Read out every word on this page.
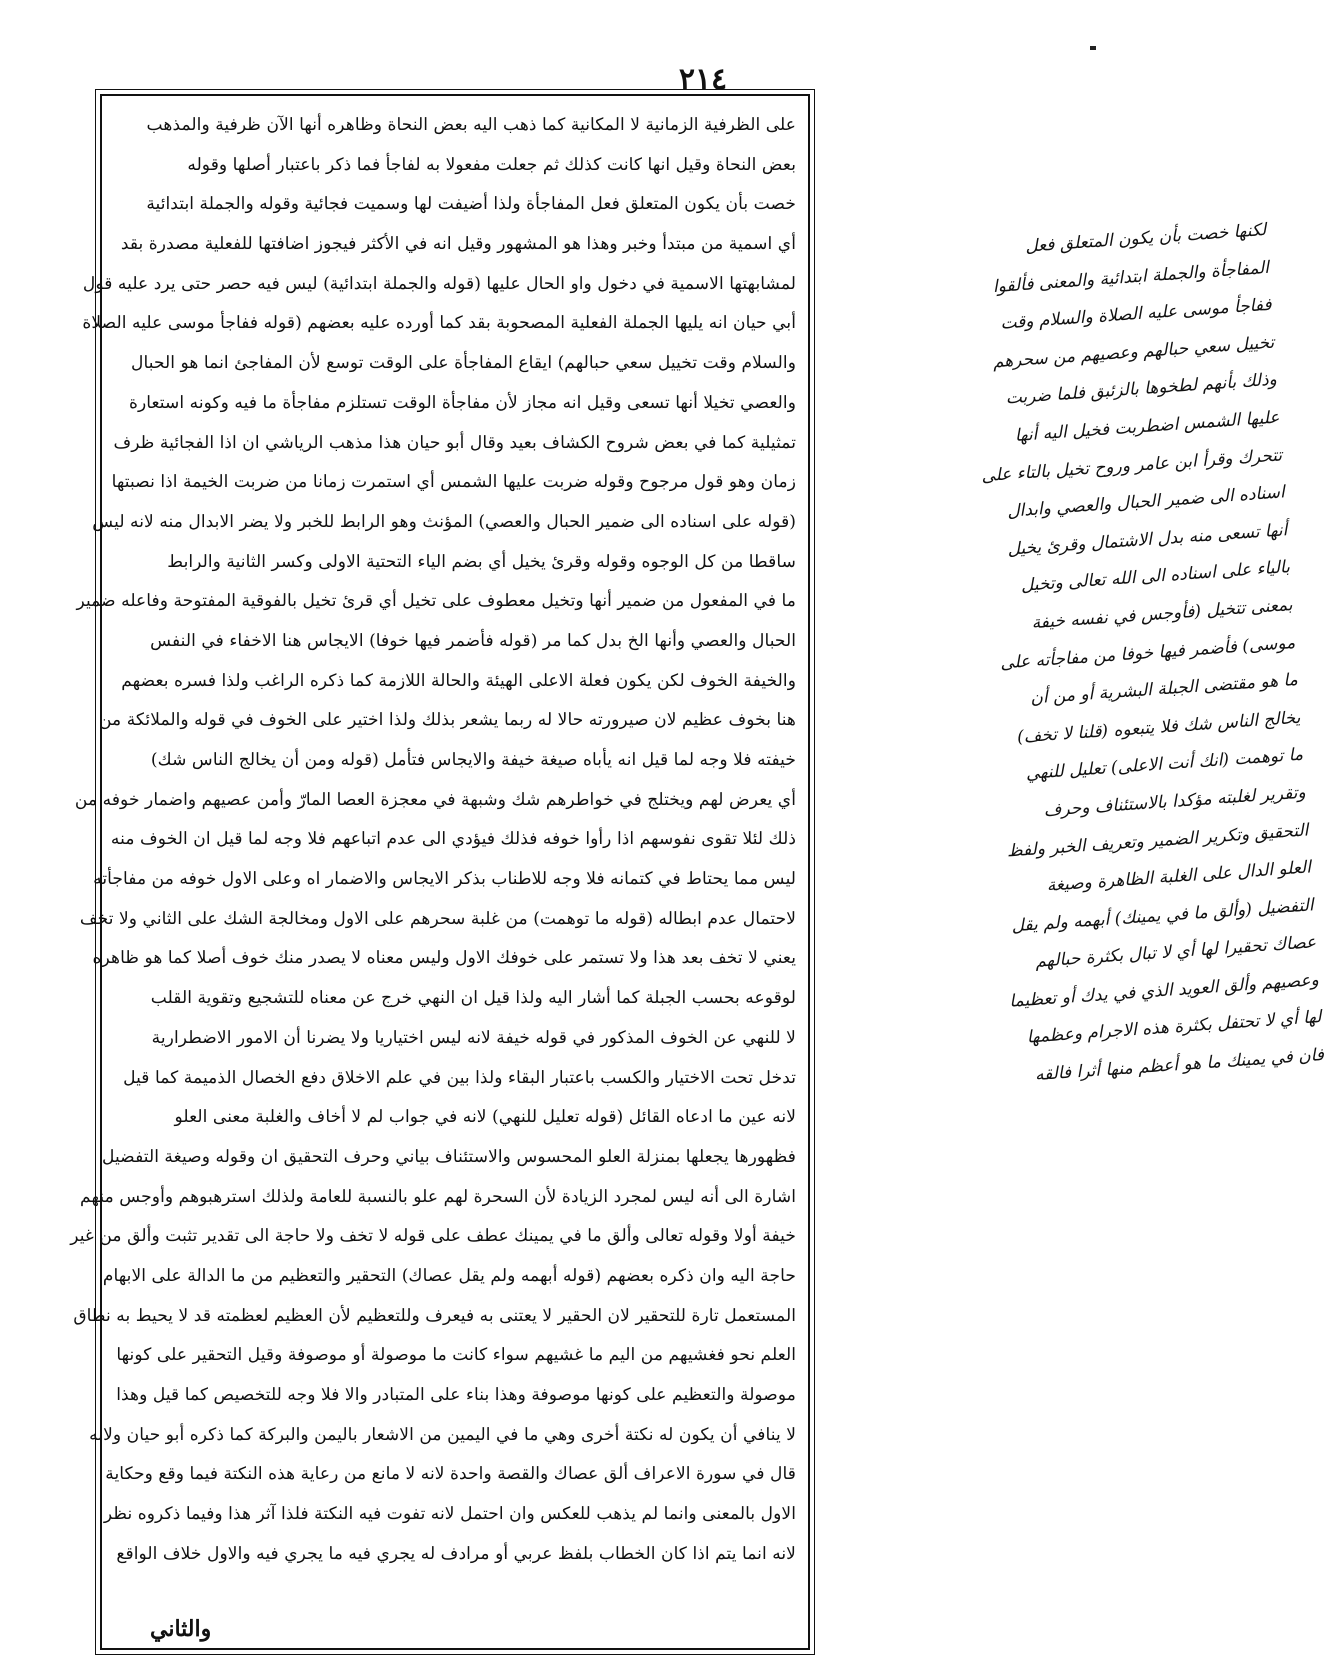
٢١٤
على الظرفية الزمانية لا المكانية كما ذهب اليه بعض النحاة وظاهره أنها الآن ظرفية والمذهب
بعض النحاة وقيل انها كانت كذلك ثم جعلت مفعولا به لفاجأ فما ذكر باعتبار أصلها وقوله
خصت بأن يكون المتعلق فعل المفاجأة ولذا أضيفت لها وسميت فجائية وقوله والجملة ابتدائية
أي اسمية من مبتدأ وخبر وهذا هو المشهور وقيل انه في الأكثر فيجوز اضافتها للفعلية مصدرة بقد
لمشابهتها الاسمية في دخول واو الحال عليها (قوله والجملة ابتدائية) ليس فيه حصر حتى يرد عليه قول
أبي حيان انه يليها الجملة الفعلية المصحوبة بقد كما أورده عليه بعضهم (قوله ففاجأ موسى عليه الصلاة
والسلام وقت تخييل سعي حبالهم) ايقاع المفاجأة على الوقت توسع لأن المفاجئ انما هو الحبال
والعصي تخيلا أنها تسعى وقيل انه مجاز لأن مفاجأة الوقت تستلزم مفاجأة ما فيه وكونه استعارة
تمثيلية كما في بعض شروح الكشاف بعيد وقال أبو حيان هذا مذهب الرياشي ان اذا الفجائية ظرف
زمان وهو قول مرجوح وقوله ضربت عليها الشمس أي استمرت زمانا من ضربت الخيمة اذا نصبتها
(قوله على اسناده الى ضمير الحبال والعصي) المؤنث وهو الرابط للخبر ولا يضر الابدال منه لانه ليس
ساقطا من كل الوجوه وقوله وقرئ يخيل أي بضم الياء التحتية الاولى وكسر الثانية والرابط
ما في المفعول من ضمير أنها وتخيل معطوف على تخيل أي قرئ تخيل بالفوقية المفتوحة وفاعله ضمير
الحبال والعصي وأنها الخ بدل كما مر (قوله فأضمر فيها خوفا) الايجاس هنا الاخفاء في النفس
والخيفة الخوف لكن يكون فعلة الاعلى الهيئة والحالة اللازمة كما ذكره الراغب ولذا فسره بعضهم
هنا بخوف عظيم لان صيرورته حالا له ربما يشعر بذلك ولذا اختير على الخوف في قوله والملائكة من
خيفته فلا وجه لما قيل انه يأباه صيغة خيفة والايجاس فتأمل (قوله ومن أن يخالج الناس شك)
أي يعرض لهم ويختلج في خواطرهم شك وشبهة في معجزة العصا المارّ وأمن عصيهم واضمار خوفه من
ذلك لئلا تقوى نفوسهم اذا رأوا خوفه فذلك فيؤدي الى عدم اتباعهم فلا وجه لما قيل ان الخوف منه
ليس مما يحتاط في كتمانه فلا وجه للاطناب بذكر الايجاس والاضمار اه وعلى الاول خوفه من مفاجأته
لاحتمال عدم ابطاله (قوله ما توهمت) من غلبة سحرهم على الاول ومخالجة الشك على الثاني ولا تخف
يعني لا تخف بعد هذا ولا تستمر على خوفك الاول وليس معناه لا يصدر منك خوف أصلا كما هو ظاهره
لوقوعه بحسب الجبلة كما أشار اليه ولذا قيل ان النهي خرج عن معناه للتشجيع وتقوية القلب
لا للنهي عن الخوف المذكور في قوله خيفة لانه ليس اختياريا ولا يضرنا أن الامور الاضطرارية
تدخل تحت الاختيار والكسب باعتبار البقاء ولذا بين في علم الاخلاق دفع الخصال الذميمة كما قيل
لانه عين ما ادعاه القائل (قوله تعليل للنهي) لانه في جواب لم لا أخاف والغلبة معنى العلو
فظهورها يجعلها بمنزلة العلو المحسوس والاستئناف بياني وحرف التحقيق ان وقوله وصيغة التفضيل
اشارة الى أنه ليس لمجرد الزيادة لأن السحرة لهم علو بالنسبة للعامة ولذلك استرهبوهم وأوجس منهم
خيفة أولا وقوله تعالى وألق ما في يمينك عطف على قوله لا تخف ولا حاجة الى تقدير تثبت وألق من غير
حاجة اليه وان ذكره بعضهم (قوله أبهمه ولم يقل عصاك) التحقير والتعظيم من ما الدالة على الابهام
المستعمل تارة للتحقير لان الحقير لا يعتنى به فيعرف وللتعظيم لأن العظيم لعظمته قد لا يحيط به نطاق
العلم نحو فغشيهم من اليم ما غشيهم سواء كانت ما موصولة أو موصوفة وقيل التحقير على كونها
موصولة والتعظيم على كونها موصوفة وهذا بناء على المتبادر والا فلا وجه للتخصيص كما قيل وهذا
لا ينافي أن يكون له نكتة أخرى وهي ما في اليمين من الاشعار باليمن والبركة كما ذكره أبو حيان ولانه
قال في سورة الاعراف ألق عصاك والقصة واحدة لانه لا مانع من رعاية هذه النكتة فيما وقع وحكاية
الاول بالمعنى وانما لم يذهب للعكس وان احتمل لانه تفوت فيه النكتة فلذا آثر هذا وفيما ذكروه نظر
لانه انما يتم اذا كان الخطاب بلفظ عربي أو مرادف له يجري فيه ما يجري فيه والاول خلاف الواقع
والثاني
لكنها خصت بأن يكون المتعلق فعل
المفاجأة والجملة ابتدائية والمعنى فألقوا
ففاجأ موسى عليه الصلاة والسلام وقت
تخييل سعي حبالهم وعصيهم من سحرهم
وذلك بأنهم لطخوها بالزئبق فلما ضربت
عليها الشمس اضطربت فخيل اليه أنها
تتحرك وقرأ ابن عامر وروح تخيل بالتاء على
اسناده الى ضمير الحبال والعصي وابدال
أنها تسعى منه بدل الاشتمال وقرئ يخيل
بالياء على اسناده الى الله تعالى وتخيل
بمعنى تتخيل (فأوجس في نفسه خيفة
موسى) فأضمر فيها خوفا من مفاجأته على
ما هو مقتضى الجبلة البشرية أو من أن
يخالج الناس شك فلا يتبعوه (قلنا لا تخف)
ما توهمت (انك أنت الاعلى) تعليل للنهي
وتقرير لغلبته مؤكدا بالاستئناف وحرف
التحقيق وتكرير الضمير وتعريف الخبر ولفظ
العلو الدال على الغلبة الظاهرة وصيغة
التفضيل (وألق ما في يمينك) أبهمه ولم يقل
عصاك تحقيرا لها أي لا تبال بكثرة حبالهم
وعصيهم وألق العويد الذي في يدك أو تعظيما
لها أي لا تحتفل بكثرة هذه الاجرام وعظمها
فان في يمينك ما هو أعظم منها أثرا فالقه
